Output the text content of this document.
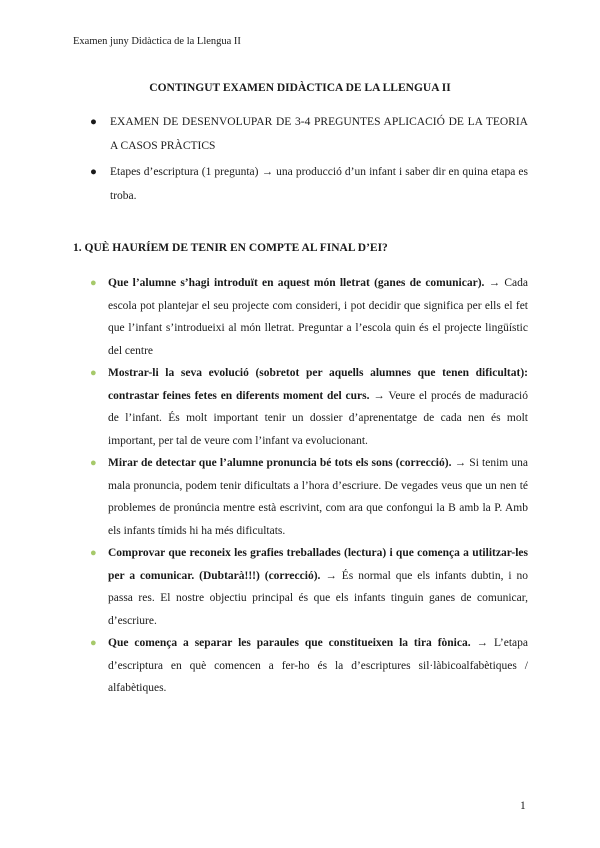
Examen juny Didàctica de la Llengua II
CONTINGUT EXAMEN DIDÀCTICA DE LA LLENGUA II
● EXAMEN DE DESENVOLUPAR DE 3-4 PREGUNTES APLICACIÓ DE LA TEORIA A CASOS PRÀCTICS
● Etapes d’escriptura (1 pregunta) → una producció d’un infant i saber dir en quina etapa es troba.
1. QUÈ HAURÍEM DE TENIR EN COMPTE AL FINAL D’EI?
● Que l’alumne s’hagi introduït en aquest món lletrat (ganes de comunicar). → Cada escola pot plantejar el seu projecte com consideri, i pot decidir que significa per ells el fet que l’infant s’introdueixi al món lletrat. Preguntar a l’escola quin és el projecte lingüístic del centre
● Mostrar-li la seva evolució (sobretot per aquells alumnes que tenen dificultat): contrastar feines fetes en diferents moment del curs. → Veure el procés de maduració de l’infant. És molt important tenir un dossier d’aprenentatge de cada nen és molt important, per tal de veure com l’infant va evolucionant.
● Mirar de detectar que l’alumne pronuncia bé tots els sons (correcció). → Si tenim una mala pronuncia, podem tenir dificultats a l’hora d’escriure. De vegades veus que un nen té problemes de pronúncia mentre està escrivint, com ara que confongui la B amb la P. Amb els infants tímids hi ha més dificultats.
● Comprovar que reconeix les grafies treballades (lectura) i que comença a utilitzar-les per a comunicar. (Dubtarà!!!) (correcció). → És normal que els infants dubtin, i no passa res. El nostre objectiu principal és que els infants tinguin ganes de comunicar, d’escriure.
● Que comença a separar les paraules que constitueixen la tira fònica. → L’etapa d’escriptura en què comencen a fer-ho és la d’escriptures sil·làbicoalfabètiques / alfabètiques.
1
